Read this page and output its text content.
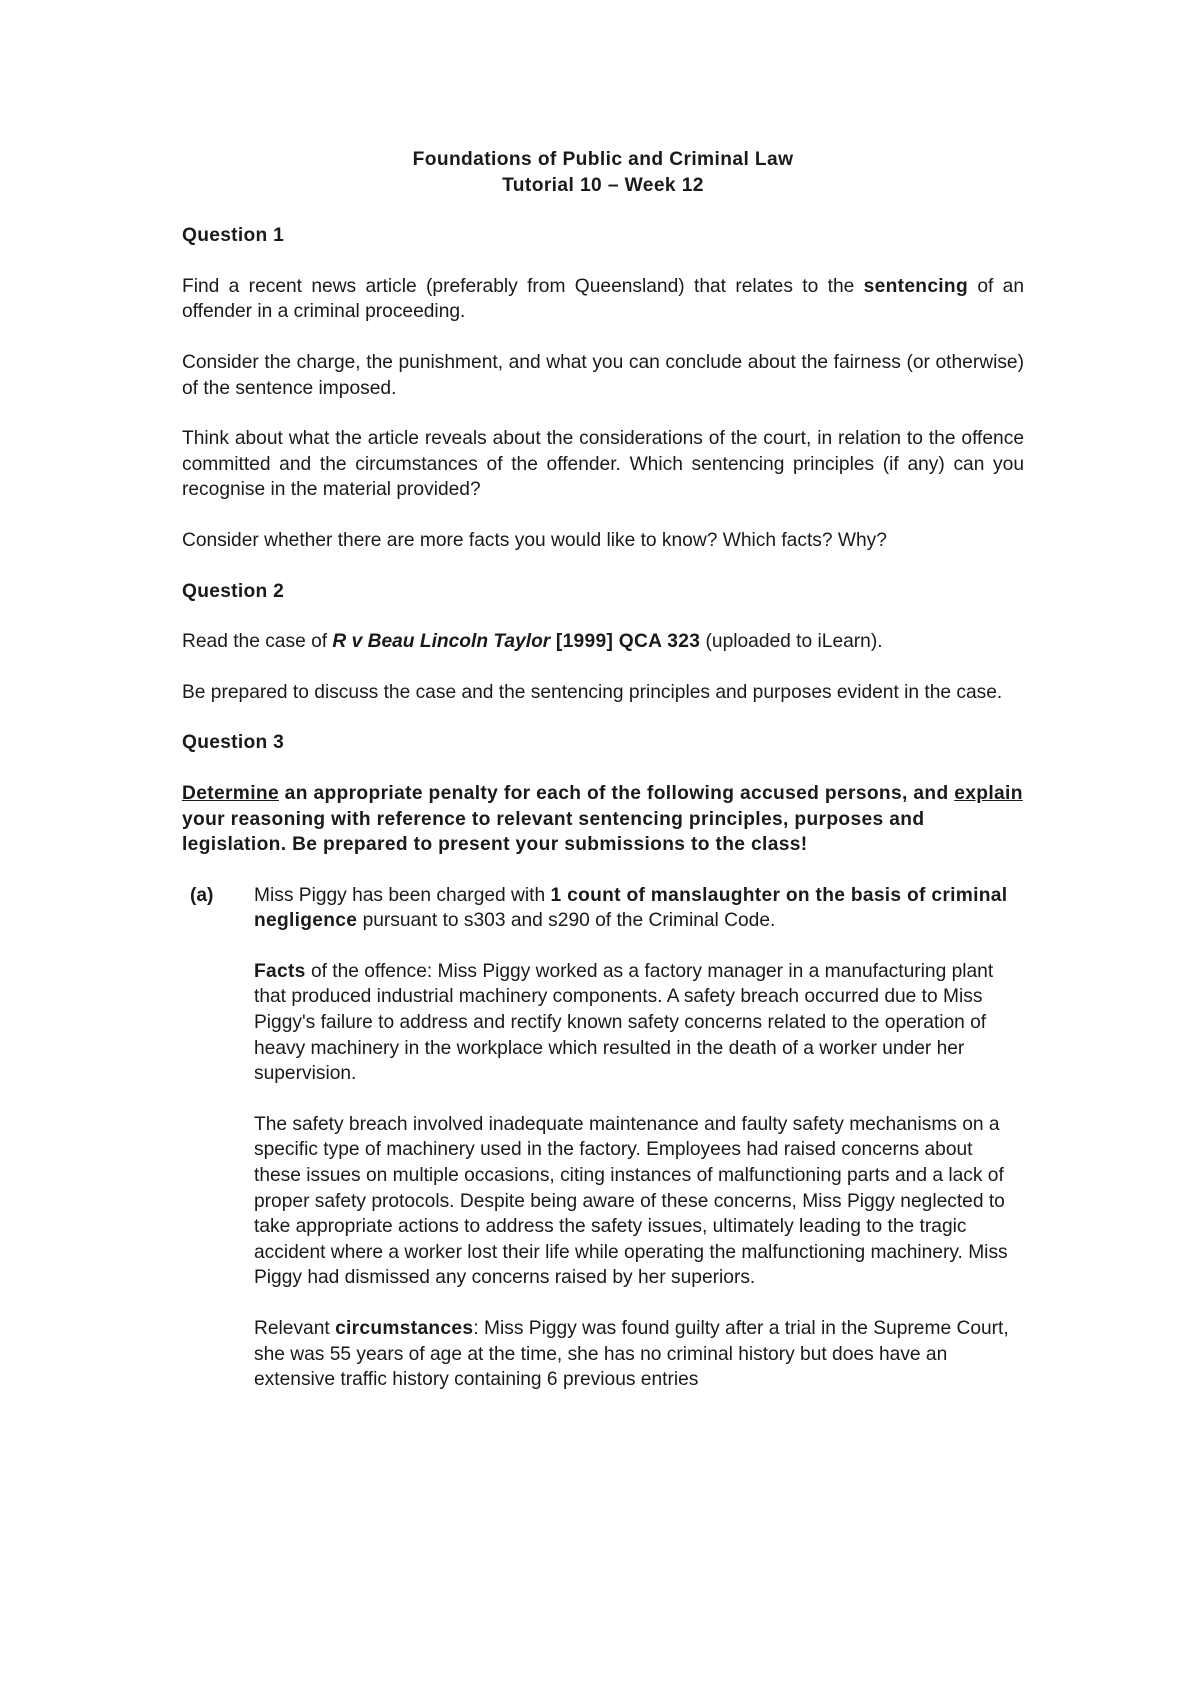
Foundations of Public and Criminal Law
Tutorial 10 – Week 12
Question 1

Find a recent news article (preferably from Queensland) that relates to the sentencing of an offender in a criminal proceeding.

Consider the charge, the punishment, and what you can conclude about the fairness (or otherwise) of the sentence imposed.

Think about what the article reveals about the considerations of the court, in relation to the offence committed and the circumstances of the offender. Which sentencing principles (if any) can you recognise in the material provided?

Consider whether there are more facts you would like to know? Which facts? Why?

Question 2

Read the case of R v Beau Lincoln Taylor [1999] QCA 323 (uploaded to iLearn).

Be prepared to discuss the case and the sentencing principles and purposes evident in the case.

Question 3

Determine an appropriate penalty for each of the following accused persons, and explain your reasoning with reference to relevant sentencing principles, purposes and legislation. Be prepared to present your submissions to the class!

(a) Miss Piggy has been charged with 1 count of manslaughter on the basis of criminal negligence pursuant to s303 and s290 of the Criminal Code.

Facts of the offence: Miss Piggy worked as a factory manager in a manufacturing plant that produced industrial machinery components. A safety breach occurred due to Miss Piggy's failure to address and rectify known safety concerns related to the operation of heavy machinery in the workplace which resulted in the death of a worker under her supervision.

The safety breach involved inadequate maintenance and faulty safety mechanisms on a specific type of machinery used in the factory. Employees had raised concerns about these issues on multiple occasions, citing instances of malfunctioning parts and a lack of proper safety protocols. Despite being aware of these concerns, Miss Piggy neglected to take appropriate actions to address the safety issues, ultimately leading to the tragic accident where a worker lost their life while operating the malfunctioning machinery. Miss Piggy had dismissed any concerns raised by her superiors.

Relevant circumstances: Miss Piggy was found guilty after a trial in the Supreme Court, she was 55 years of age at the time, she has no criminal history but does have an extensive traffic history containing 6 previous entries
